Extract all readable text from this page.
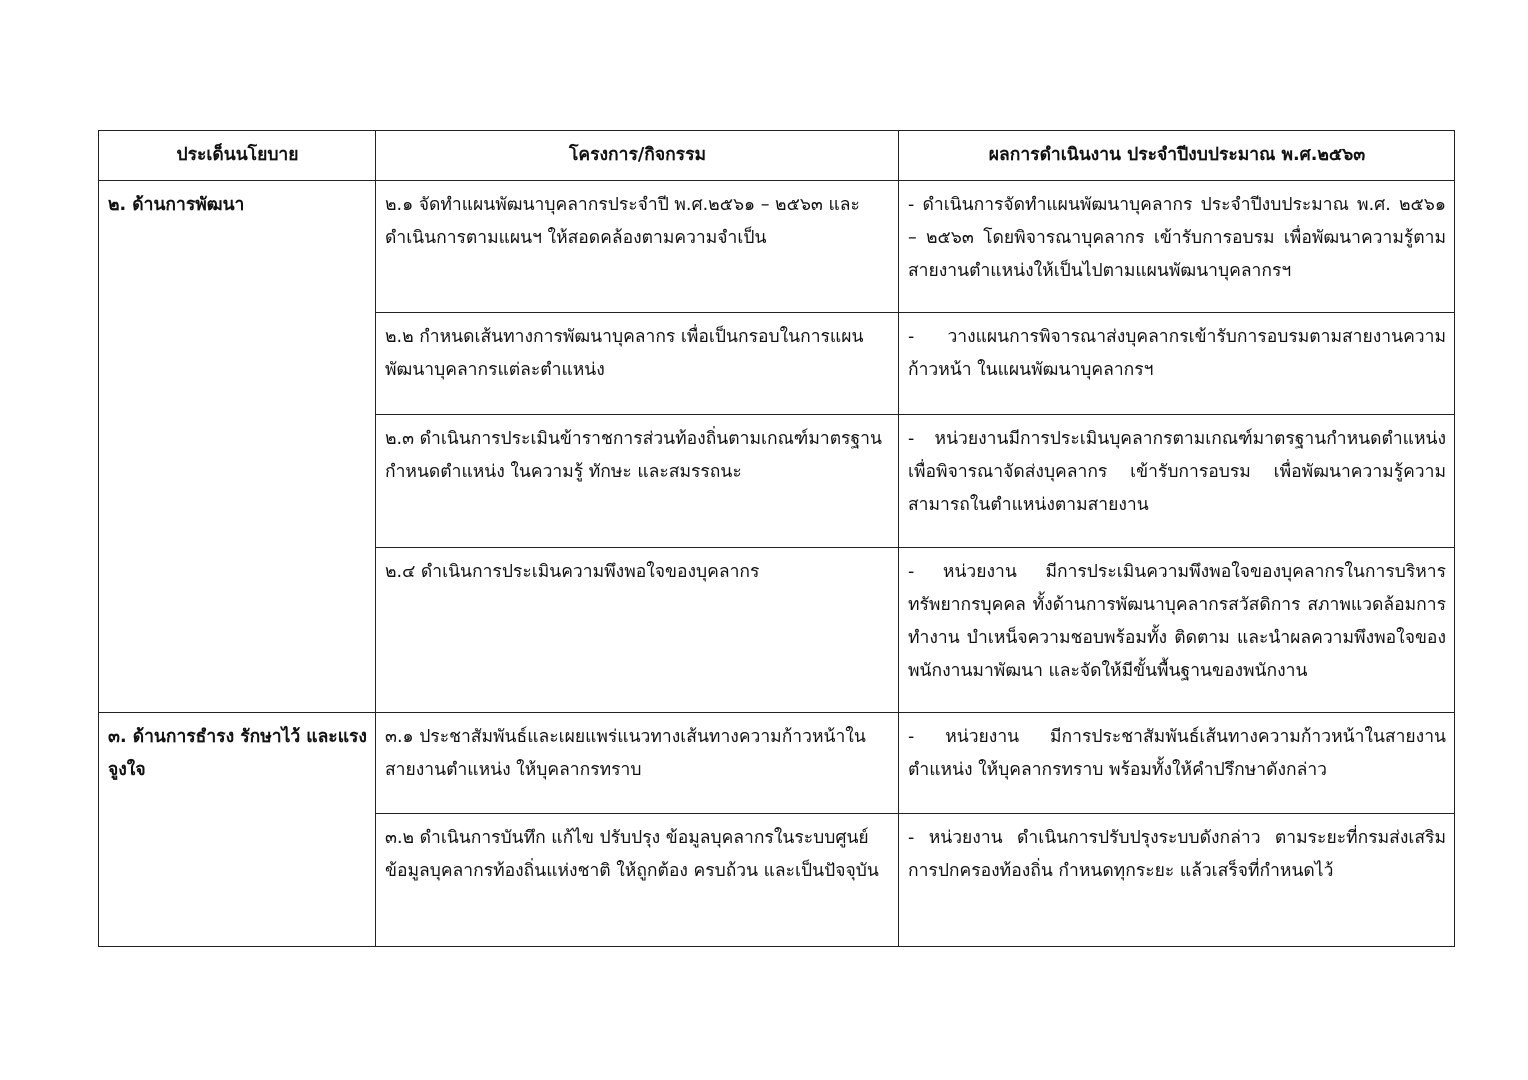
ประเด็นนโยบาย	โครงการ/กิจกรรม	ผลการดำเนินงาน ประจำปีงบประมาณ พ.ศ.๒๕๖๓
๒. ด้านการพัฒนา	๒.๑ จัดทำแผนพัฒนาบุคลากรประจำปี พ.ศ.๒๕๖๑ – ๒๕๖๓ และดำเนินการตามแผนฯ ให้สอดคล้องตามความจำเป็น	- ดำเนินการจัดทำแผนพัฒนาบุคลากร ประจำปีงบประมาณ พ.ศ. ๒๕๖๑ – ๒๕๖๓ โดยพิจารณาบุคลากร เข้ารับการอบรม เพื่อพัฒนาความรู้ตามสายงานตำแหน่งให้เป็นไปตามแผนพัฒนาบุคลากรฯ
	๒.๒ กำหนดเส้นทางการพัฒนาบุคลากร เพื่อเป็นกรอบในการแผนพัฒนาบุคลากรแต่ละตำแหน่ง	- วางแผนการพิจารณาส่งบุคลากรเข้ารับการอบรมตามสายงานความก้าวหน้า ในแผนพัฒนาบุคลากรฯ
	๒.๓ ดำเนินการประเมินข้าราชการส่วนท้องถิ่นตามเกณฑ์มาตรฐานกำหนดตำแหน่ง ในความรู้ ทักษะ และสมรรถนะ	- หน่วยงานมีการประเมินบุคลากรตามเกณฑ์มาตรฐานกำหนดตำแหน่งเพื่อพิจารณาจัดส่งบุคลากร เข้ารับการอบรม เพื่อพัฒนาความรู้ความสามารถในตำแหน่งตามสายงาน
	๒.๔ ดำเนินการประเมินความพึงพอใจของบุคลากร	- หน่วยงาน มีการประเมินความพึงพอใจของบุคลากรในการบริหารทรัพยากรบุคคล ทั้งด้านการพัฒนาบุคลากรสวัสดิการ สภาพแวดล้อมการทำงาน บำเหน็จความชอบพร้อมทั้ง ติดตาม และนำผลความพึงพอใจของพนักงานมาพัฒนา และจัดให้มีขั้นพื้นฐานของพนักงาน
๓. ด้านการธำรง รักษาไว้ และแรงจูงใจ	๓.๑ ประชาสัมพันธ์และเผยแพร่แนวทางเส้นทางความก้าวหน้าในสายงานตำแหน่ง ให้บุคลากรทราบ	- หน่วยงาน มีการประชาสัมพันธ์เส้นทางความก้าวหน้าในสายงานตำแหน่ง ให้บุคลากรทราบ พร้อมทั้งให้คำปรึกษาดังกล่าว
	๓.๒ ดำเนินการบันทึก แก้ไข ปรับปรุง ข้อมูลบุคลากรในระบบศูนย์ข้อมูลบุคลากรท้องถิ่นแห่งชาติ ให้ถูกต้อง ครบถ้วน และเป็นปัจจุบัน	- หน่วยงาน ดำเนินการปรับปรุงระบบดังกล่าว ตามระยะที่กรมส่งเสริมการปกครองท้องถิ่น กำหนดทุกระยะ แล้วเสร็จที่กำหนดไว้
